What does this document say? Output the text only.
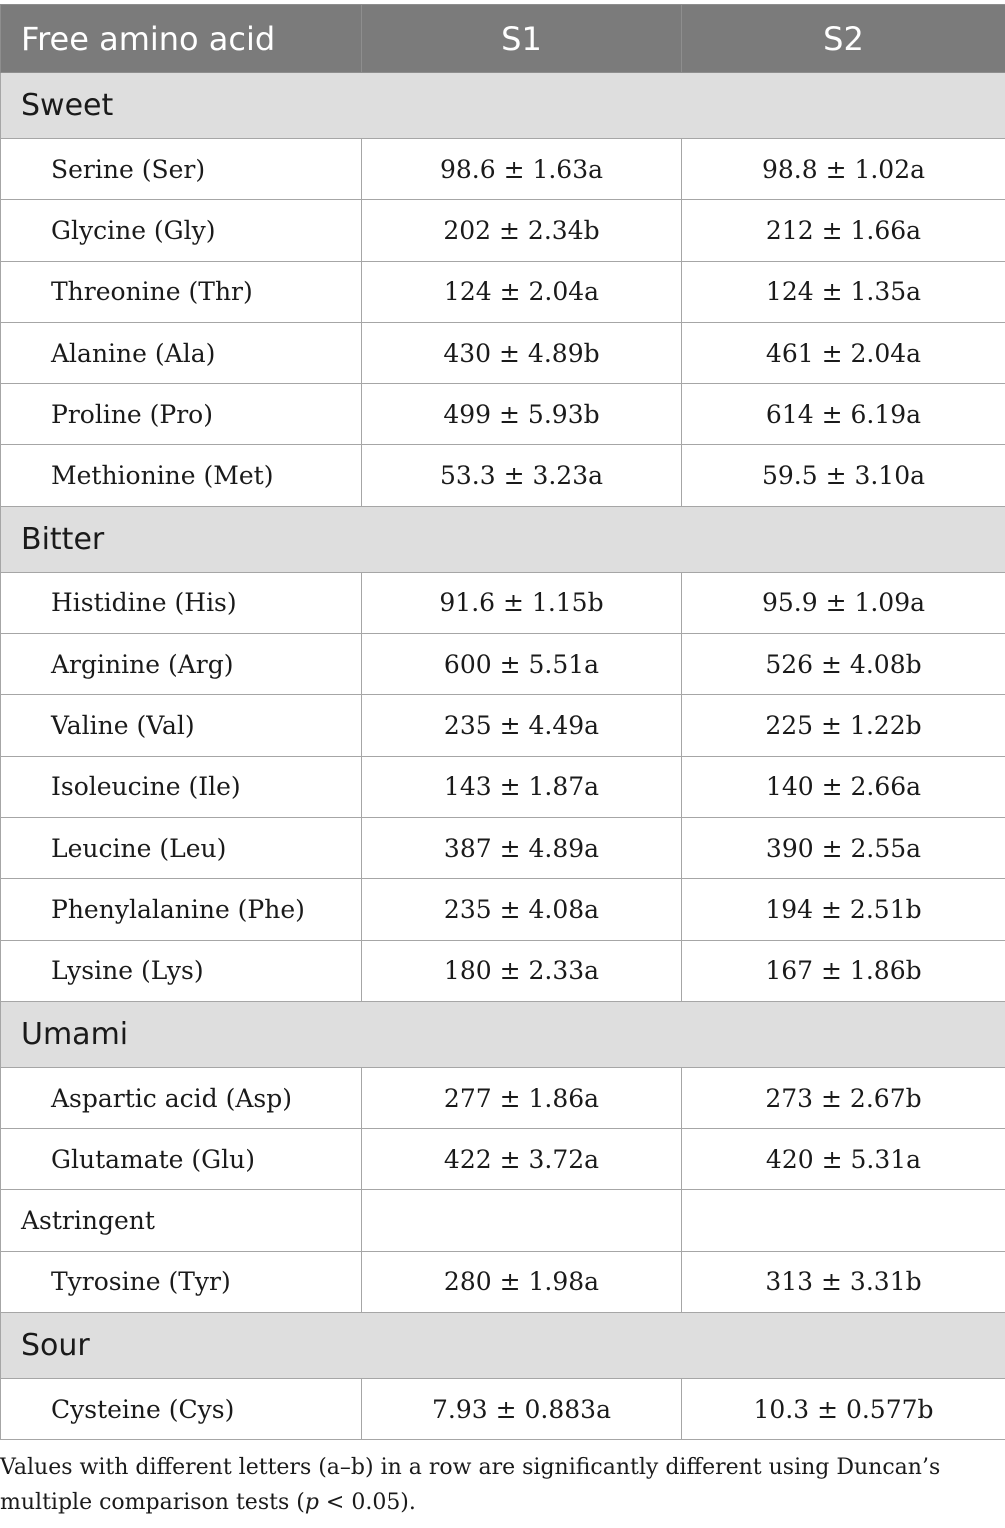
Free amino acid	S1	S2
Sweet		
Serine (Ser)	98.6 ± 1.63a	98.8 ± 1.02a
Glycine (Gly)	202 ± 2.34b	212 ± 1.66a
Threonine (Thr)	124 ± 2.04a	124 ± 1.35a
Alanine (Ala)	430 ± 4.89b	461 ± 2.04a
Proline (Pro)	499 ± 5.93b	614 ± 6.19a
Methionine (Met)	53.3 ± 3.23a	59.5 ± 3.10a
Bitter		
Histidine (His)	91.6 ± 1.15b	95.9 ± 1.09a
Arginine (Arg)	600 ± 5.51a	526 ± 4.08b
Valine (Val)	235 ± 4.49a	225 ± 1.22b
Isoleucine (Ile)	143 ± 1.87a	140 ± 2.66a
Leucine (Leu)	387 ± 4.89a	390 ± 2.55a
Phenylalanine (Phe)	235 ± 4.08a	194 ± 2.51b
Lysine (Lys)	180 ± 2.33a	167 ± 1.86b
Umami		
Aspartic acid (Asp)	277 ± 1.86a	273 ± 2.67b
Glutamate (Glu)	422 ± 3.72a	420 ± 5.31a
Astringent		
Tyrosine (Tyr)	280 ± 1.98a	313 ± 3.31b
Sour		
Cysteine (Cys)	7.93 ± 0.883a	10.3 ± 0.577b

Values with different letters (a–b) in a row are significantly different using Duncan’s multiple comparison tests (p < 0.05).
